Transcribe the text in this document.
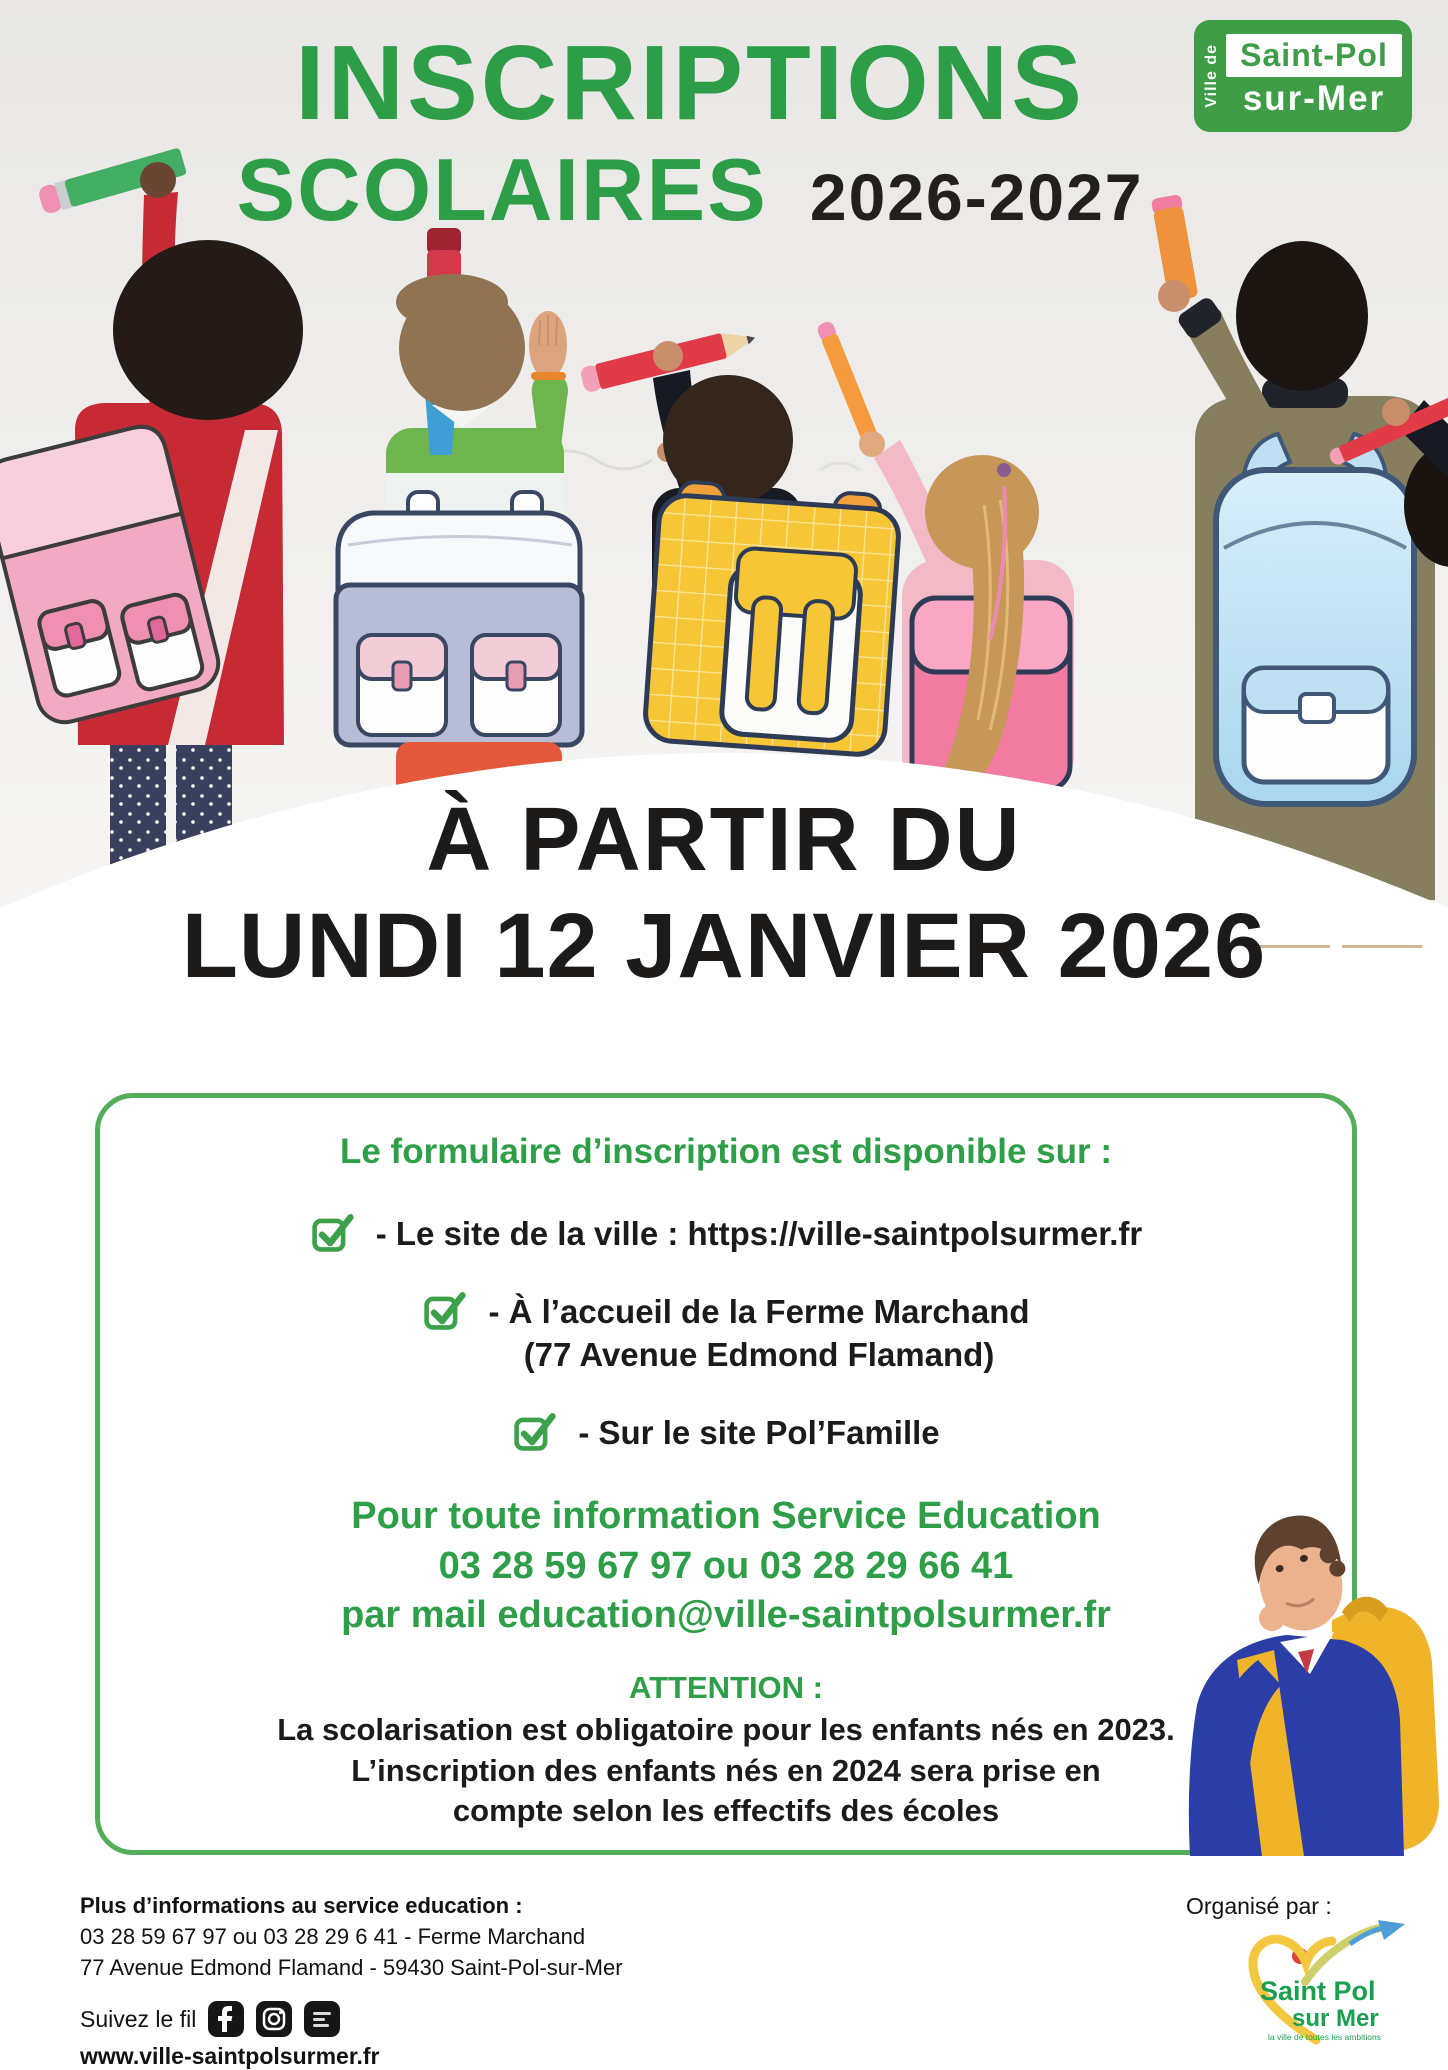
INSCRIPTIONS
SCOLAIRES 2026-2027
Ville de Saint-Pol
sur-Mer
À PARTIR DU
LUNDI 12 JANVIER 2026
Le formulaire d’inscription est disponible sur :
- Le site de la ville : https://ville-saintpolsurmer.fr
- À l’accueil de la Ferme Marchand
(77 Avenue Edmond Flamand)
- Sur le site Pol’Famille
Pour toute information Service Education
03 28 59 67 97 ou 03 28 29 66 41
par mail education@ville-saintpolsurmer.fr
ATTENTION :
La scolarisation est obligatoire pour les enfants nés en 2023.
L’inscription des enfants nés en 2024 sera prise en
compte selon les effectifs des écoles
Plus d’informations au service education :
03 28 59 67 97 ou 03 28 29 6 41 - Ferme Marchand
77 Avenue Edmond Flamand - 59430 Saint-Pol-sur-Mer
Suivez le fil
www.ville-saintpolsurmer.fr
Organisé par :
Saint Pol
sur Mer
la ville de toutes les ambitions
